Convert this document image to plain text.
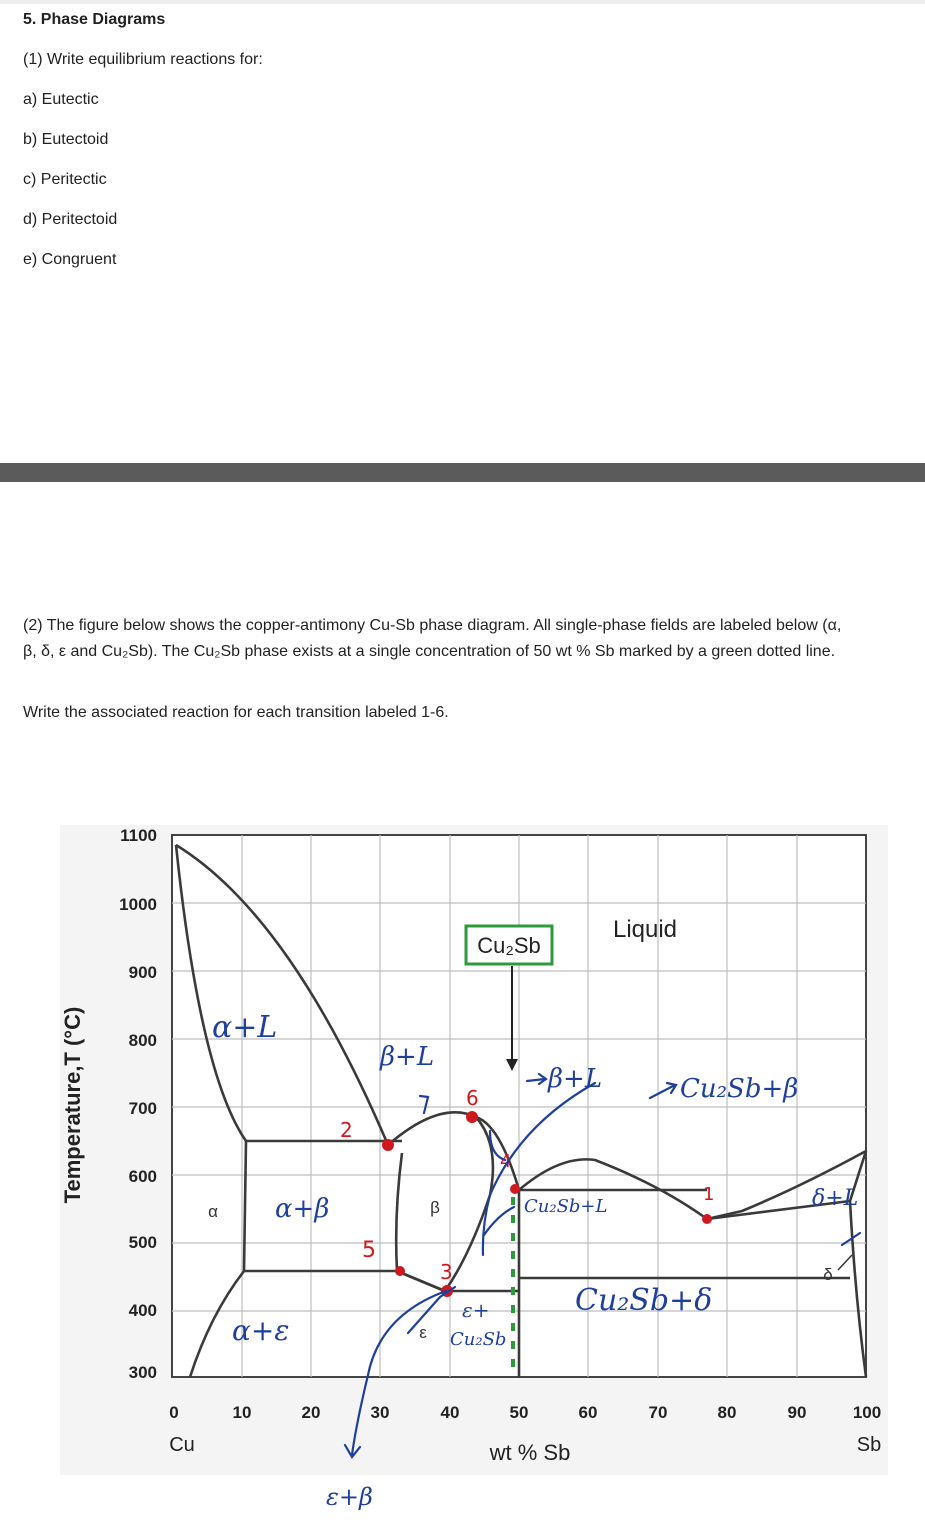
5. Phase Diagrams
(1) Write equilibrium reactions for:
a) Eutectic
b) Eutectoid
c) Peritectic
d) Peritectoid
e) Congruent
(2) The figure below shows the copper-antimony Cu-Sb phase diagram. All single-phase fields are labeled below (α, β, δ, ε and Cu₂Sb). The Cu₂Sb phase exists at a single concentration of 50 wt % Sb marked by a green dotted line.
Write the associated reaction for each transition labeled 1-6.
1100
1000
900
800
700
600
500
400
300
0	10	20	30	40	50	60	70	80	90	100
Cu	Sb
wt % Sb
Temperature,T (°C)
Liquid
α	β
ε
δ
Cu₂Sb
2
6
4
1
5
3
α+L
β+L
α+β
α+ε
β+L	Cu₂Sb+β
Cu₂Sb+L	δ+L
Cu₂Sb+δ
ε+
Cu₂Sb
ε+β
